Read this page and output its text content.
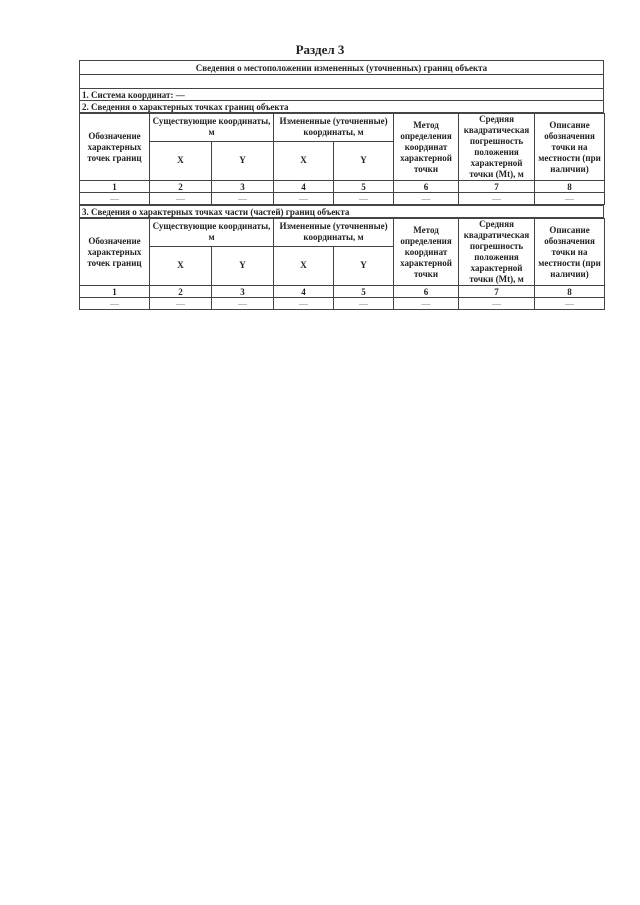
Раздел 3
Сведения о местоположении измененных (уточненных) границ объекта

1. Система координат: —
2. Сведения о характерных точках границ объекта
Обозначение характерных точек границ	Существующие координаты, м		Измененные (уточненные) координаты, м		Метод определения координат характерной точки	Средняя квадратическая погрешность положения характерной точки (Mt), м	Описание обозначения точки на местности (при наличии)
	X	Y	X	Y			
1	2	3	4	5	6	7	8
—	—	—	—	—	—	—	—
3. Сведения о характерных точках части (частей) границ объекта
Обозначение характерных точек границ	Существующие координаты, м		Измененные (уточненные) координаты, м		Метод определения координат характерной точки	Средняя квадратическая погрешность положения характерной точки (Mt), м	Описание обозначения точки на местности (при наличии)
	X	Y	X	Y			
1	2	3	4	5	6	7	8
—	—	—	—	—	—	—	—
